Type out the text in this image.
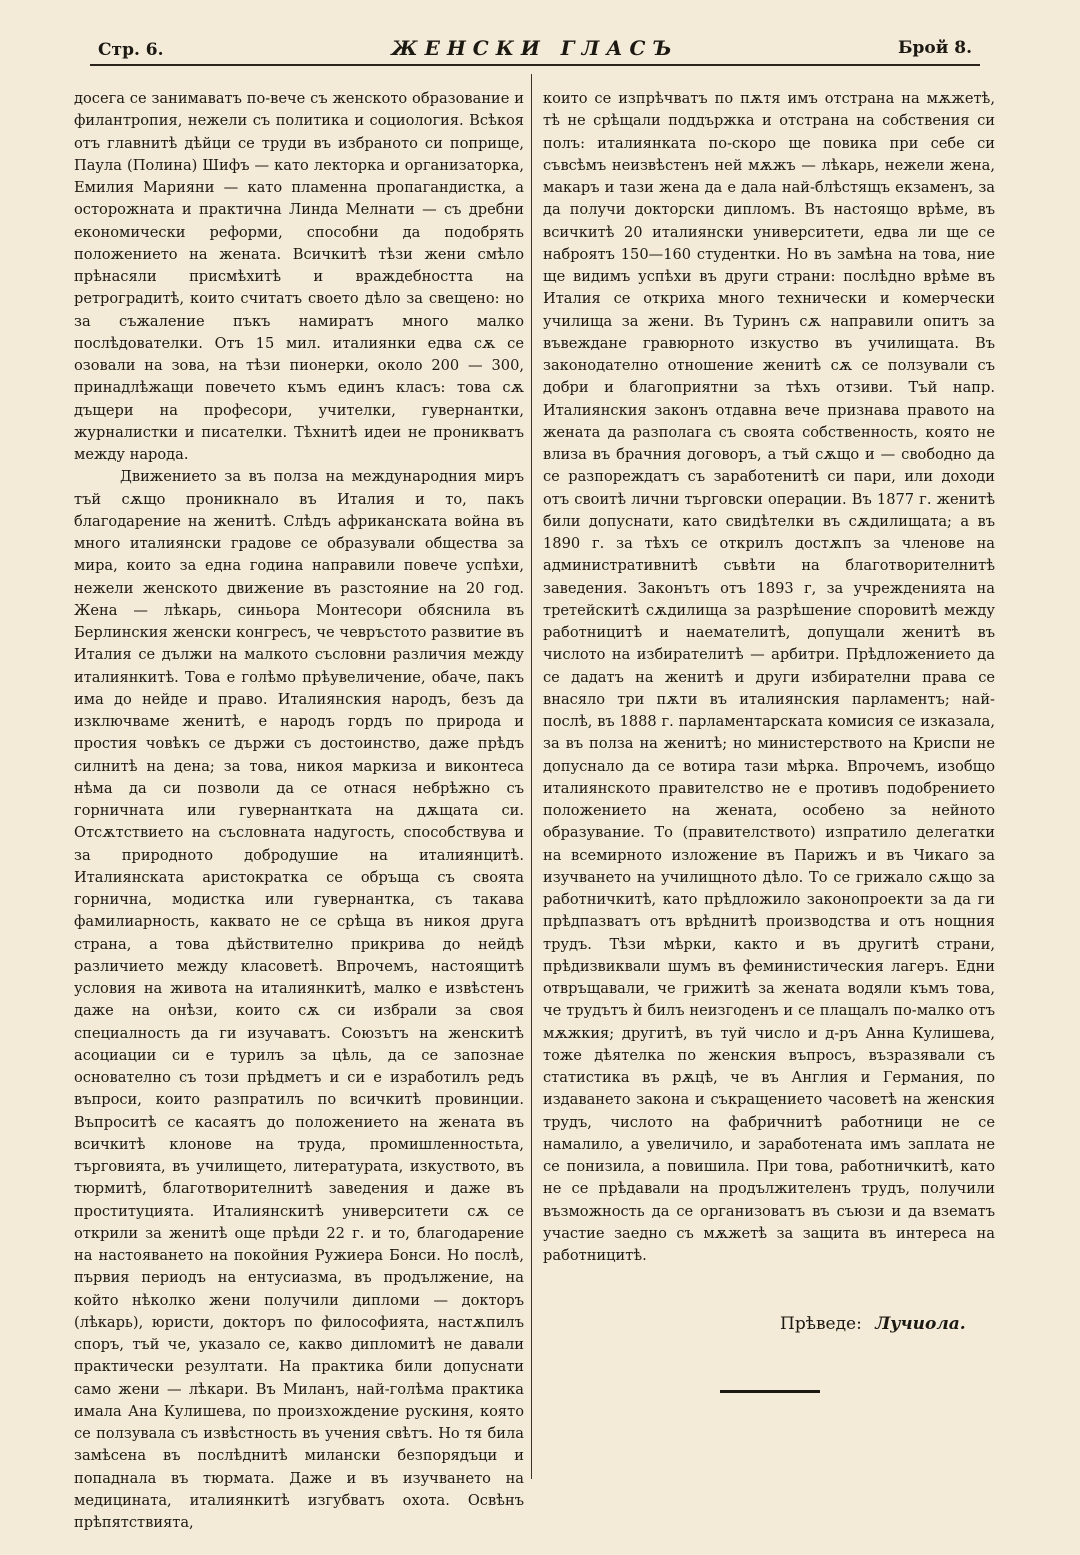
Стр. 6.	ЖЕНСКИ ГЛАСЪ	Брой 8.

досега се занимаватъ по-вече съ женското образование и филантропия, нежели съ политика и социология. Всѣкоя отъ главнитѣ дѣйци се труди въ избраното си поприще, Паула (Полина) Шифъ — като лекторка и организаторка, Емилия Марияни — като пламенна пропагандистка, а осторожната и практична Линда Мелнати — съ дребни економически реформи, способни да подобрять положението на жената. Всичкитѣ тѣзи жени смѣло прѣнасяли присмѣхитѣ и враждебността на ретроградитѣ, които считатъ своето дѣло за свещено: но за съжаление пъкъ намиратъ много малко послѣдователки. Отъ 15 мил. италиянки едва сѫ се озовали на зова, на тѣзи пионерки, около 200 — 300, принадлѣжащи повечето къмъ единъ класъ: това сѫ дъщери на професори, учителки, гувернантки, журналистки и писателки. Тѣхнитѣ идеи не проникватъ между народа.

Движението за въ полза на международния миръ тъй сѫщо проникнало въ Италия и то, пакъ благодарение на женитѣ. Слѣдъ африканската война въ много италиянски градове се образували общества за мира, които за една година направили повече успѣхи, нежели женското движение въ разстояние на 20 год. Жена — лѣкарь, синьора Монтесори обяснила въ Берлинския женски конгресъ, че чевръстото развитие въ Италия се дължи на малкото съсловни различия между италиянкитѣ. Това е голѣмо прѣувеличение, обаче, пакъ има до нейде и право. Италиянския народъ, безъ да изключваме женитѣ, е народъ гордъ по природа и простия човѣкъ се държи съ достоинство, даже прѣдъ силнитѣ на дена; за това, никоя маркиза и виконтеса нѣма да си позволи да се отнася небрѣжно съ горничната или гувернантката на дѫщата си. Отсѫтствието на съсловната надугость, способствува и за природното добродушие на италиянцитѣ. Италиянската аристократка се обръща съ своята горнична, модистка или гувернантка, съ такава фамилиарность, каквато не се срѣща въ никоя друга страна, а това дѣйствително прикрива до нейдѣ различието между класоветѣ. Впрочемъ, настоящитѣ условия на живота на италиянкитѣ, малко е извѣстенъ даже на онѣзи, които сѫ си избрали за своя специалность да ги изучаватъ. Союзътъ на женскитѣ асоциации си е турилъ за цѣль, да се запознае основателно съ този прѣдметъ и си е изработилъ редъ въпроси, които разпратилъ по всичкитѣ провинции. Въпроситѣ се касаятъ до положението на жената въ всичкитѣ клонове на труда, промишленностьта, търговията, въ училището, литературата, изкуството, въ тюрмитѣ, благотворителнитѣ заведения и даже въ проституцията. Италиянскитѣ университети сѫ се открили за женитѣ още прѣди 22 г. и то, благодарение на настояването на покойния Ружиера Бонси. Но послѣ, първия периодъ на ентусиазма, въ продължение, на който нѣколко жени получили дипломи — докторъ (лѣкарь), юристи, докторъ по философията, настѫпилъ споръ, тъй че, указало се, какво дипломитѣ не давали практически резултати. На практика били допуснати само жени — лѣкари. Въ Миланъ, най-голѣма практика имала Ана Кулишева, по произхождение рускиня, която се ползувала съ извѣстность въ учения свѣтъ. Но тя била замѣсена въ послѣднитѣ милански безпорядъци и попаднала въ тюрмата. Даже и въ изучването на медицината, италиянкитѣ изгубватъ охота. Освѣнъ прѣпятствията,

които се изпрѣчватъ по пѫтя имъ отстрана на мѫжетѣ, тѣ не срѣщали поддържка и отстрана на собствения си полъ: италиянката по-скоро ще повика при себе си съвсѣмъ неизвѣстенъ ней мѫжъ — лѣкарь, нежели жена, макаръ и тази жена да е дала най-блѣстящъ екзаменъ, за да получи докторски дипломъ. Въ настоящо врѣме, въ всичкитѣ 20 италиянски университети, едва ли ще се нaброятъ 150—160 студентки. Но въ замѣна на това, ние ще видимъ успѣхи въ други страни: послѣдно врѣме въ Италия се откриха много технически и комерчески училища за жени. Въ Туринъ сѫ направили опитъ за въвеждане гравюрното изкуство въ училищата. Въ законодателно отношение женитѣ сѫ се ползували съ добри и благоприятни за тѣхъ отзиви. Тъй напр. Италиянския законъ отдавна вече признава правото на жената да разполага съ своята собственность, която не влиза въ брачния договоръ, а тъй сѫщо и — свободно да се разпореждатъ съ заработенитѣ си пари, или доходи отъ своитѣ лични търговски операции. Въ 1877 г. женитѣ били допуснати, като свидѣтелки въ сѫдилищата; а въ 1890 г. за тѣхъ се открилъ достѫпъ за членове на административнитѣ съвѣти на благотворителнитѣ заведения. Законътъ отъ 1893 г, за учрежденията на третейскитѣ сѫдилища за разрѣшение споровитѣ между работницитѣ и наемателитѣ, допущали женитѣ въ числото на избирателитѣ — арбитри. Прѣдложението да се дадатъ на женитѣ и други избирателни права се внасяло три пѫти въ италиянския парламентъ; най-послѣ, въ 1888 г. парламентарската комисия се изказала, за въ полза на женитѣ; но министерството на Криспи не допуснало да се вотира тази мѣрка. Впрочемъ, изобщо италиянското правителство не е противъ подобрението положението на жената, особено за нейното образувание. То (правителството) изпратило делегатки на всемирното изложение въ Парижъ и въ Чикаго за изучването на училищното дѣло. То се грижало сѫщо за работничкитѣ, като прѣдложило законопроекти за да ги прѣдпазватъ отъ врѣднитѣ производства и отъ нощния трудъ. Тѣзи мѣрки, както и въ другитѣ страни, прѣдизвиквали шумъ въ феминистическия лагеръ. Едни отвръщавали, че грижитѣ за жената водяли къмъ това, че трудътъ ѝ билъ неизгоденъ и се плащалъ по-малко отъ мѫжкия; другитѣ, въ туй число и д-ръ Анна Кулишева, тоже дѣятелка по женския въпросъ, възразявали съ статистика въ рѫцѣ, че въ Англия и Германия, по издаването закона и съкращението часоветѣ на женския трудъ, числото на фабричнитѣ работници не се намалило, а увеличило, и заработената имъ заплата не се понизила, а повишила. При това, работничкитѣ, като не се прѣдавали на продължителенъ трудъ, получили възможность да се организоватъ въ съюзи и да взематъ участие заедно съ мѫжетѣ за защита въ интереса на работницитѣ.

Прѣведе: Лучиола.
